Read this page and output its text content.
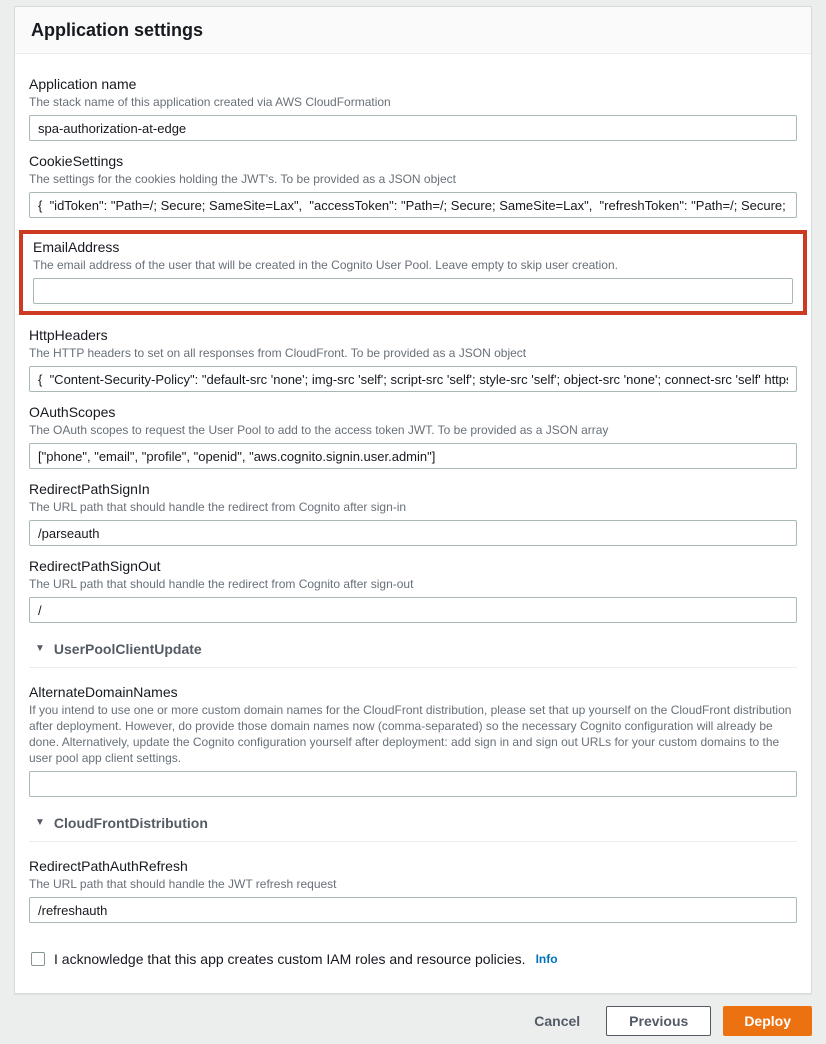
Application settings
Application name
The stack name of this application created via AWS CloudFormation
spa-authorization-at-edge
CookieSettings
The settings for the cookies holding the JWT's. To be provided as a JSON object
{ "idToken": "Path=/; Secure; SameSite=Lax", "accessToken": "Path=/; Secure; SameSite=Lax", "refreshToken": "Path=/; Secure; SameSite=Lax" }
EmailAddress
The email address of the user that will be created in the Cognito User Pool. Leave empty to skip user creation.
HttpHeaders
The HTTP headers to set on all responses from CloudFront. To be provided as a JSON object
{ "Content-Security-Policy": "default-src 'none'; img-src 'self'; script-src 'self'; style-src 'self'; object-src 'none'; connect-src 'self' https://*.am
OAuthScopes
The OAuth scopes to request the User Pool to add to the access token JWT. To be provided as a JSON array
["phone", "email", "profile", "openid", "aws.cognito.signin.user.admin"]
RedirectPathSignIn
The URL path that should handle the redirect from Cognito after sign-in
/parseauth
RedirectPathSignOut
The URL path that should handle the redirect from Cognito after sign-out
/
▼ UserPoolClientUpdate
AlternateDomainNames
If you intend to use one or more custom domain names for the CloudFront distribution, please set that up yourself on the CloudFront distribution after deployment. However, do provide those domain names now (comma-separated) so the necessary Cognito configuration will already be done. Alternatively, update the Cognito configuration yourself after deployment: add sign in and sign out URLs for your custom domains to the user pool app client settings.
▼ CloudFrontDistribution
RedirectPathAuthRefresh
The URL path that should handle the JWT refresh request
/refreshauth
I acknowledge that this app creates custom IAM roles and resource policies. Info
Cancel	Previous	Deploy
